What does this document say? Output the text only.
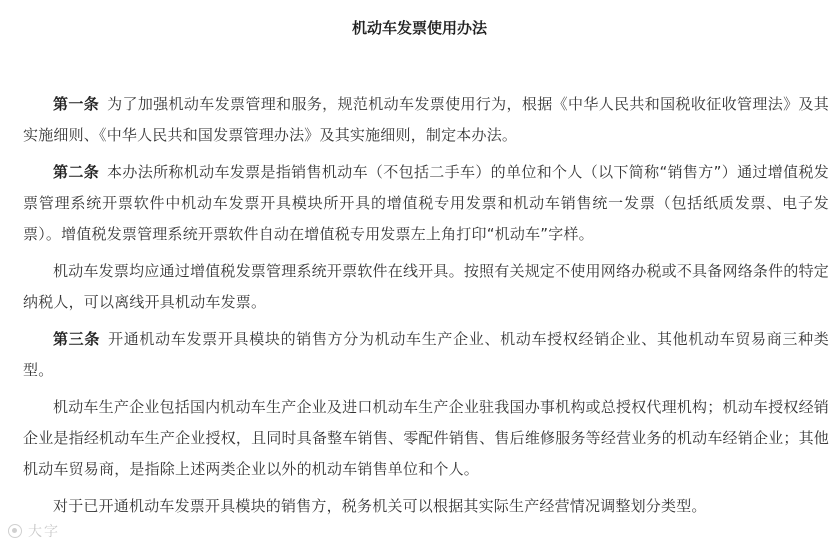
机动车发票使用办法

第一条 为了加强机动车发票管理和服务，规范机动车发票使用行为，根据《中华人民共和国税收征收管理法》及其实施细则、《中华人民共和国发票管理办法》及其实施细则，制定本办法。

第二条 本办法所称机动车发票是指销售机动车（不包括二手车）的单位和个人（以下简称“销售方”）通过增值税发票管理系统开票软件中机动车发票开具模块所开具的增值税专用发票和机动车销售统一发票（包括纸质发票、电子发票）。增值税发票管理系统开票软件自动在增值税专用发票左上角打印“机动车”字样。

机动车发票均应通过增值税发票管理系统开票软件在线开具。按照有关规定不使用网络办税或不具备网络条件的特定纳税人，可以离线开具机动车发票。

第三条 开通机动车发票开具模块的销售方分为机动车生产企业、机动车授权经销企业、其他机动车贸易商三种类型。

机动车生产企业包括国内机动车生产企业及进口机动车生产企业驻我国办事机构或总授权代理机构；机动车授权经销企业是指经机动车生产企业授权，且同时具备整车销售、零配件销售、售后维修服务等经营业务的机动车经销企业；其他机动车贸易商，是指除上述两类企业以外的机动车销售单位和个人。

对于已开通机动车发票开具模块的销售方，税务机关可以根据其实际生产经营情况调整划分类型。

大字
